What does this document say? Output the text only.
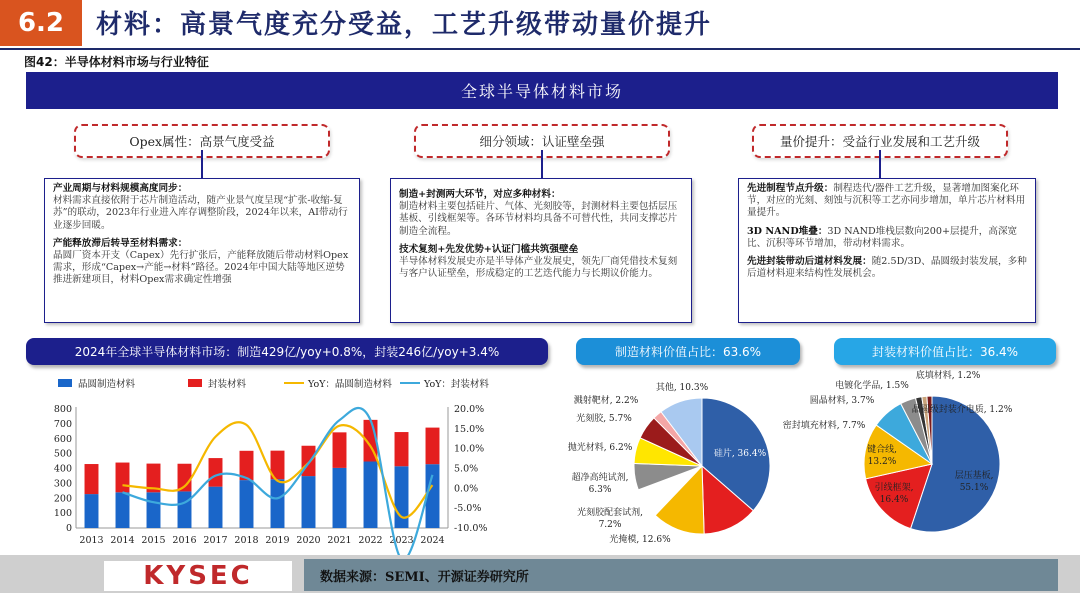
6.2	材料：高景气度充分受益，工艺升级带动量价提升
图42：半导体材料市场与行业特征
全球半导体材料市场
Opex属性：高景气度受益	细分领域：认证壁垒强	量价提升：受益行业发展和工艺升级

产业周期与材料规模高度同步：
材料需求直接依附于芯片制造活动，随产业景气度呈现“扩张-收缩-复苏”的联动，2023年行业进入库存调整阶段，2024年以来，AI带动行业逐步回暖。

产能释放滞后转导至材料需求：
晶圆厂资本开支（Capex）先行扩张后，产能释放随后带动材料Opex需求，形成“Capex→产能→材料”路径。2024年中国大陆等地区逆势推进新建项目，材料Opex需求确定性增强

制造+封测两大环节，对应多种材料：
制造材料主要包括硅片、气体、光刻胶等，封测材料主要包括层压基板、引线框架等。各环节材料均具备不可替代性，共同支撑芯片制造全流程。

技术复刻+先发优势+认证门槛共筑强壁垒
半导体材料发展史亦是半导体产业发展史，领先厂商凭借技术复刻与客户认证壁垒，形成稳定的工艺迭代能力与长期议价能力。

先进制程节点升级：制程迭代/器件工艺升级，显著增加图案化环节，对应的光刻、刻蚀与沉积等工艺亦同步增加，单片芯片材料用量提升。

3D NAND堆叠：3D NAND堆栈层数向200+层提升，高深宽比、沉积等环节增加，带动材料需求。

先进封装带动后道材料发展：随2.5D/3D、晶圆级封装发展，多种后道材料迎来结构性发展机会。

2024年全球半导体材料市场：制造429亿/yoy+0.8%，封装246亿/yoy+3.4%	制造材料价值占比：63.6%	封装材料价值占比：36.4%
晶圆制造材料	封装材料	YoY：晶圆制造材料	YoY：封装材料
0
100
200
300
400
500
600
700
800
-10.0%
-5.0%
0.0%
5.0%
10.0%
15.0%
20.0%
2013 2014 2015 2016 2017 2018 2019 2020 2021 2022 2023 2024
硅片, 36.4%
光掩模, 12.6%
光刻胶配套试剂, 7.2%
超净高纯试剂, 6.3%
抛光材料, 6.2%
光刻胶, 5.7%
溅射靶材, 2.2%
其他, 10.3%
层压基板, 55.1%
引线框架, 16.4%
键合线, 13.2%
密封填充材料, 7.7%
圆晶材料, 3.7%
电镀化学品, 1.5%
底填材料, 1.2%
晶圆级封装介电质, 1.2%
KYSEC	数据来源：SEMI、开源证券研究所
